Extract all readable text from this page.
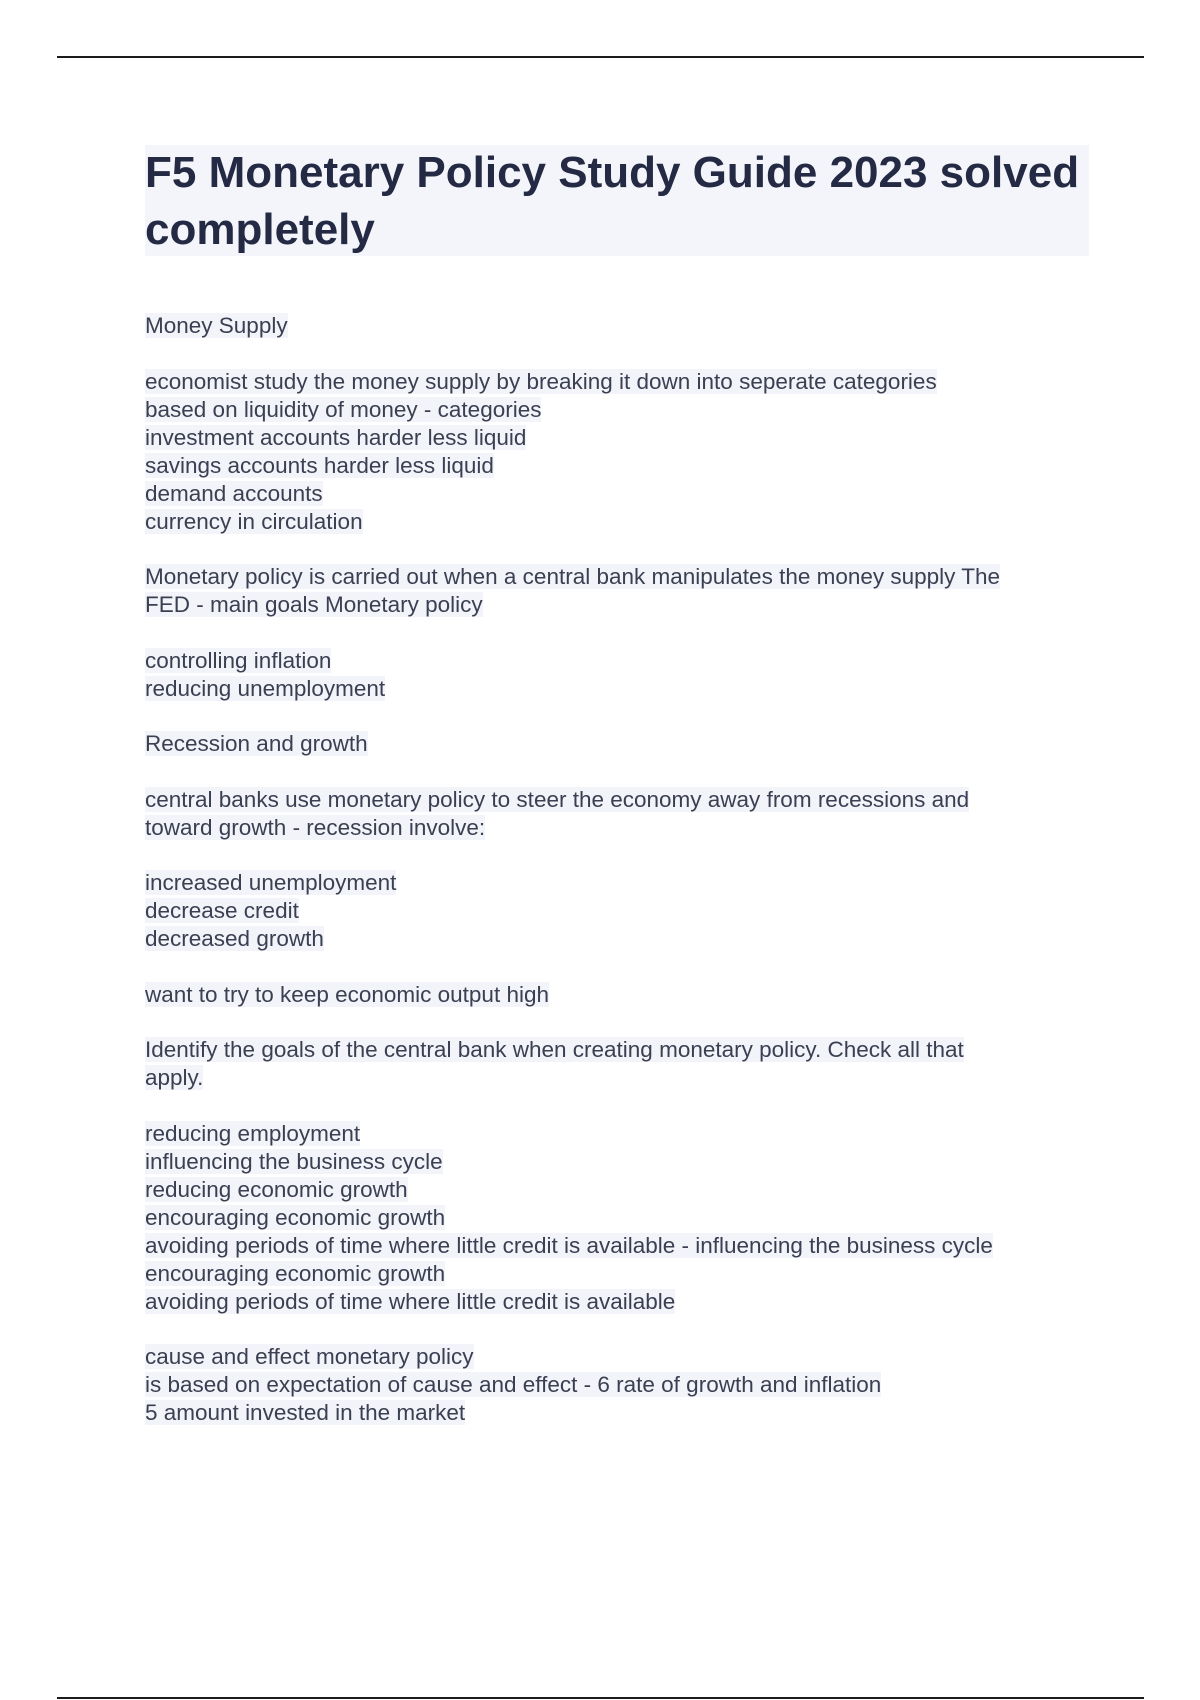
F5 Monetary Policy Study Guide 2023 solved completely
Money Supply
economist study the money supply by breaking it down into seperate categories
based on liquidity of money - categories
investment accounts harder less liquid
savings accounts harder less liquid
demand accounts
currency in circulation
Monetary policy is carried out when a central bank manipulates the money supply The
FED - main goals Monetary policy
controlling inflation
reducing unemployment
Recession and growth
central banks use monetary policy to steer the economy away from recessions and
toward growth - recession involve:
increased unemployment
decrease credit
decreased growth
want to try to keep economic output high
Identify the goals of the central bank when creating monetary policy. Check all that
apply.
reducing employment
influencing the business cycle
reducing economic growth
encouraging economic growth
avoiding periods of time where little credit is available - influencing the business cycle
encouraging economic growth
avoiding periods of time where little credit is available
cause and effect monetary policy
is based on expectation of cause and effect - 6 rate of growth and inflation
5 amount invested in the market
